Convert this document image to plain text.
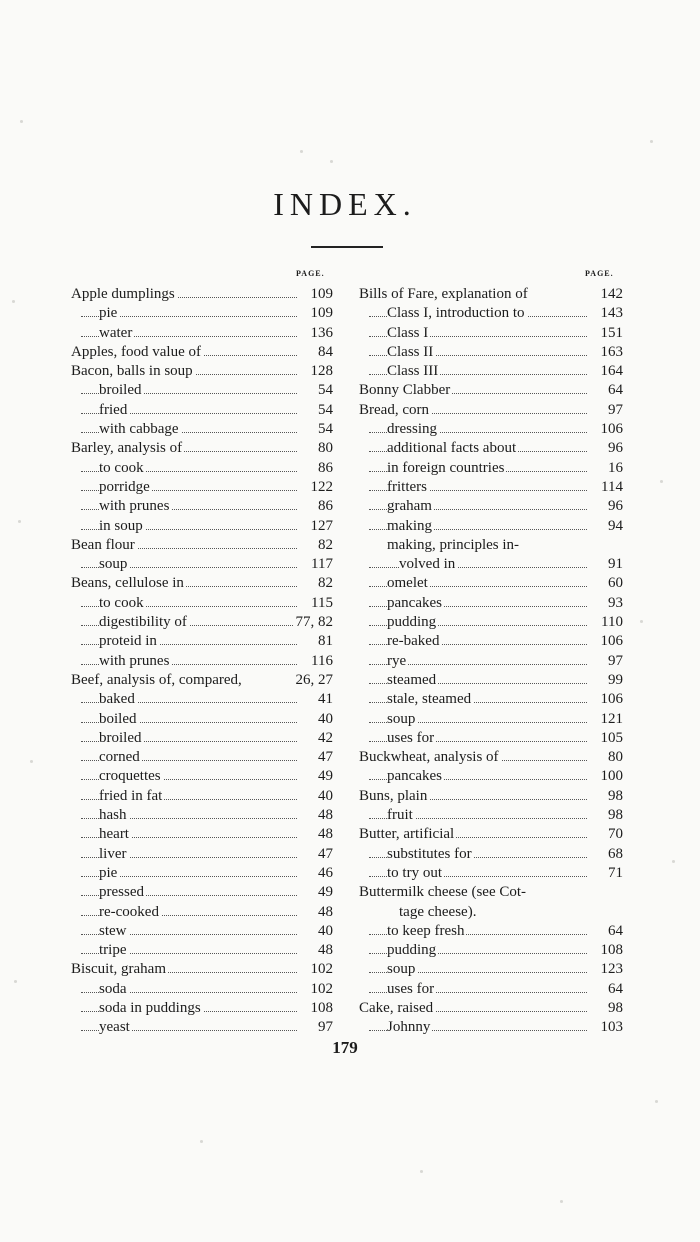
INDEX.
PAGE.	PAGE.
Apple dumplings	109
pie	109
water	136
Apples, food value of	84
Bacon, balls in soup	128
broiled	54
fried	54
with cabbage	54
Barley, analysis of	80
to cook	86
porridge	122
with prunes	86
in soup	127
Bean flour	82
soup	117
Beans, cellulose in	82
to cook	115
digestibility of	77, 82
proteid in	81
with prunes	116
Beef, analysis of, compared,	26, 27
baked	41
boiled	40
broiled	42
corned	47
croquettes	49
fried in fat	40
hash	48
heart	48
liver	47
pie	46
pressed	49
re-cooked	48
stew	40
tripe	48
Biscuit, graham	102
soda	102
soda in puddings	108
yeast	97
Bills of Fare, explanation of	142
Class I, introduction to	143
Class I	151
Class II	163
Class III	164
Bonny Clabber	64
Bread, corn	97
dressing	106
additional facts about	96
in foreign countries	16
fritters	114
graham	96
making	94
making, principles in-
volved in	91
omelet	60
pancakes	93
pudding	110
re-baked	106
rye	97
steamed	99
stale, steamed	106
soup	121
uses for	105
Buckwheat, analysis of	80
pancakes	100
Buns, plain	98
fruit	98
Butter, artificial	70
substitutes for	68
to try out	71
Buttermilk cheese (see Cot-
tage cheese).
to keep fresh	64
pudding	108
soup	123
uses for	64
Cake, raised	98
Johnny	103
179
